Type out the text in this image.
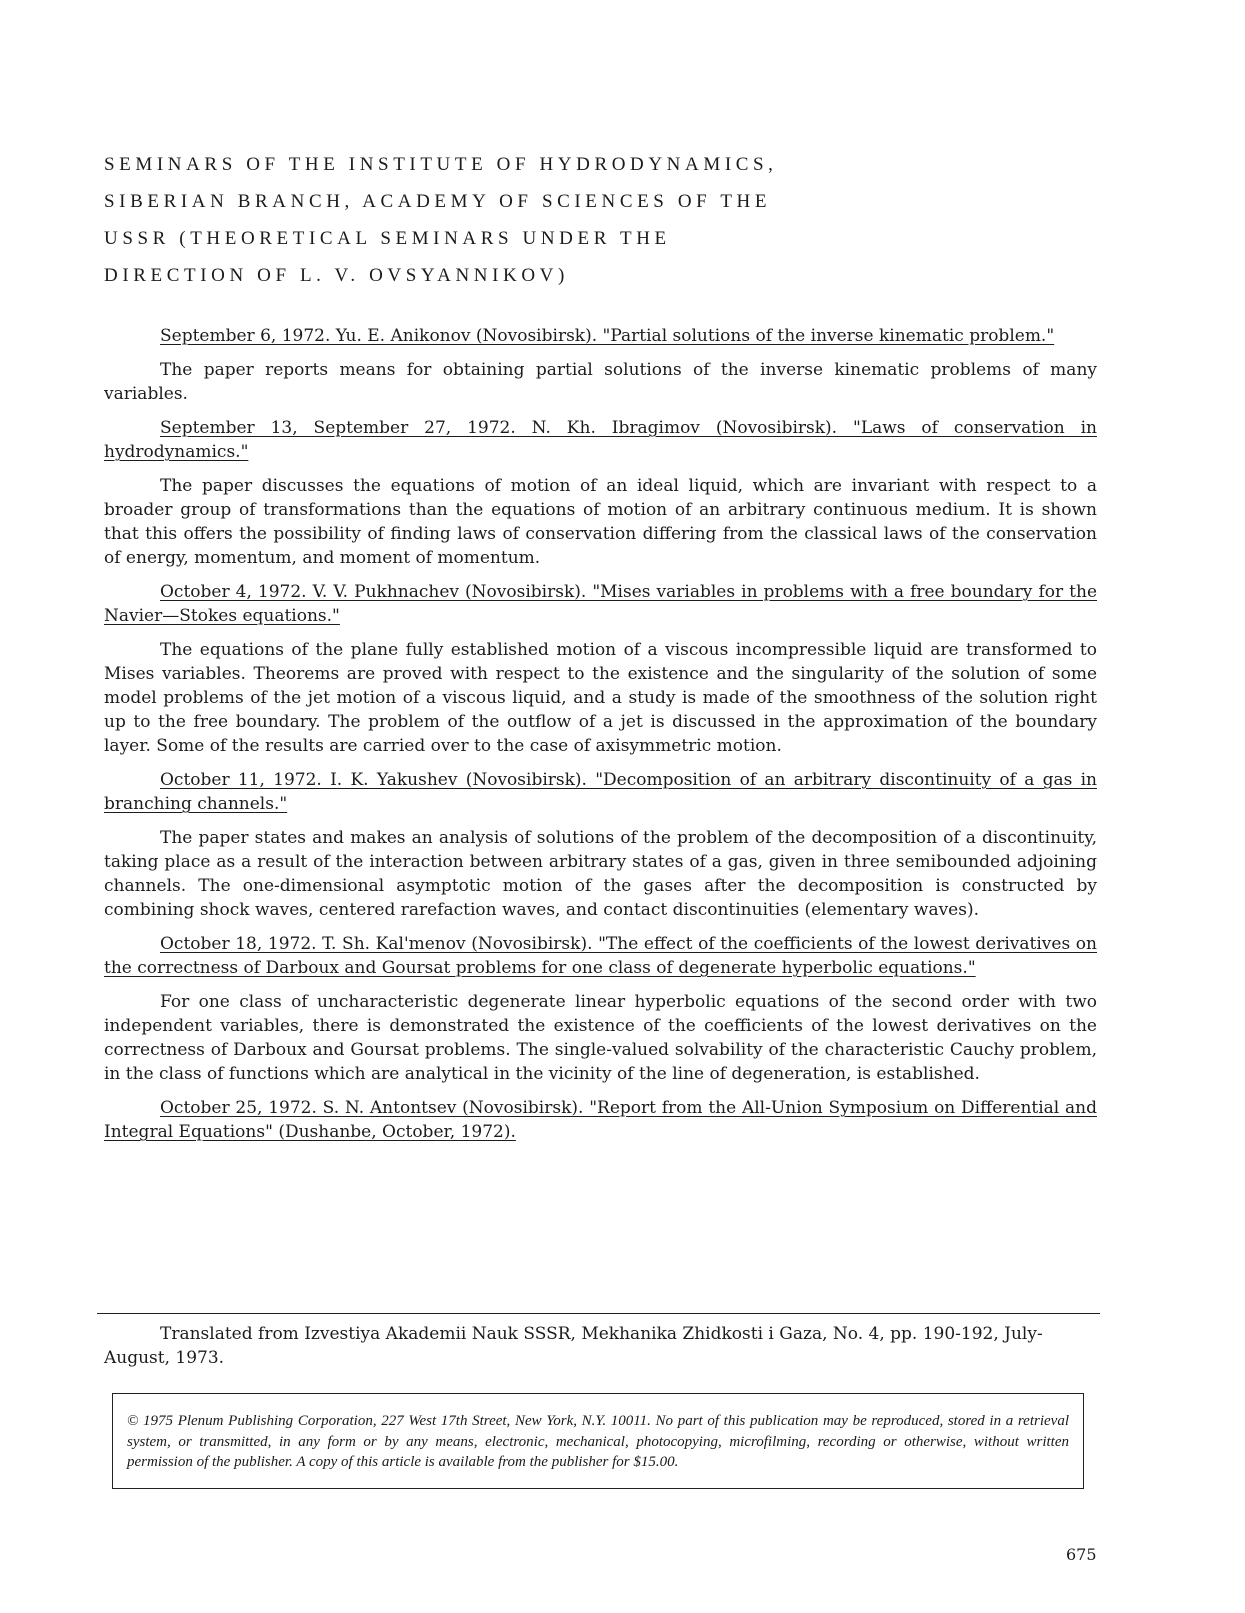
SEMINARS OF THE INSTITUTE OF HYDRODYNAMICS,
SIBERIAN BRANCH, ACADEMY OF SCIENCES OF THE
USSR (THEORETICAL SEMINARS UNDER THE
DIRECTION OF L. V. OVSYANNIKOV)

September 6, 1972. Yu. E. Anikonov (Novosibirsk). "Partial solutions of the inverse kinematic problem."

The paper reports means for obtaining partial solutions of the inverse kinematic problems of many variables.

September 13, September 27, 1972. N. Kh. Ibragimov (Novosibirsk). "Laws of conservation in hydrodynamics."

The paper discusses the equations of motion of an ideal liquid, which are invariant with respect to a broader group of transformations than the equations of motion of an arbitrary continuous medium. It is shown that this offers the possibility of finding laws of conservation differing from the classical laws of the conservation of energy, momentum, and moment of momentum.

October 4, 1972. V. V. Pukhnachev (Novosibirsk). "Mises variables in problems with a free boundary for the Navier—Stokes equations."

The equations of the plane fully established motion of a viscous incompressible liquid are transformed to Mises variables. Theorems are proved with respect to the existence and the singularity of the solution of some model problems of the jet motion of a viscous liquid, and a study is made of the smoothness of the solution right up to the free boundary. The problem of the outflow of a jet is discussed in the approximation of the boundary layer. Some of the results are carried over to the case of axisymmetric motion.

October 11, 1972. I. K. Yakushev (Novosibirsk). "Decomposition of an arbitrary discontinuity of a gas in branching channels."

The paper states and makes an analysis of solutions of the problem of the decomposition of a discontinuity, taking place as a result of the interaction between arbitrary states of a gas, given in three semibounded adjoining channels. The one-dimensional asymptotic motion of the gases after the decomposition is constructed by combining shock waves, centered rarefaction waves, and contact discontinuities (elementary waves).

October 18, 1972. T. Sh. Kal'menov (Novosibirsk). "The effect of the coefficients of the lowest derivatives on the correctness of Darboux and Goursat problems for one class of degenerate hyperbolic equations."

For one class of uncharacteristic degenerate linear hyperbolic equations of the second order with two independent variables, there is demonstrated the existence of the coefficients of the lowest derivatives on the correctness of Darboux and Goursat problems. The single-valued solvability of the characteristic Cauchy problem, in the class of functions which are analytical in the vicinity of the line of degeneration, is established.

October 25, 1972. S. N. Antontsev (Novosibirsk). "Report from the All-Union Symposium on Differential and Integral Equations" (Dushanbe, October, 1972).

Translated from Izvestiya Akademii Nauk SSSR, Mekhanika Zhidkosti i Gaza, No. 4, pp. 190-192, July-August, 1973.
© 1975 Plenum Publishing Corporation, 227 West 17th Street, New York, N.Y. 10011. No part of this publication may be reproduced, stored in a retrieval system, or transmitted, in any form or by any means, electronic, mechanical, photocopying, microfilming, recording or otherwise, without written permission of the publisher. A copy of this article is available from the publisher for $15.00.
675
